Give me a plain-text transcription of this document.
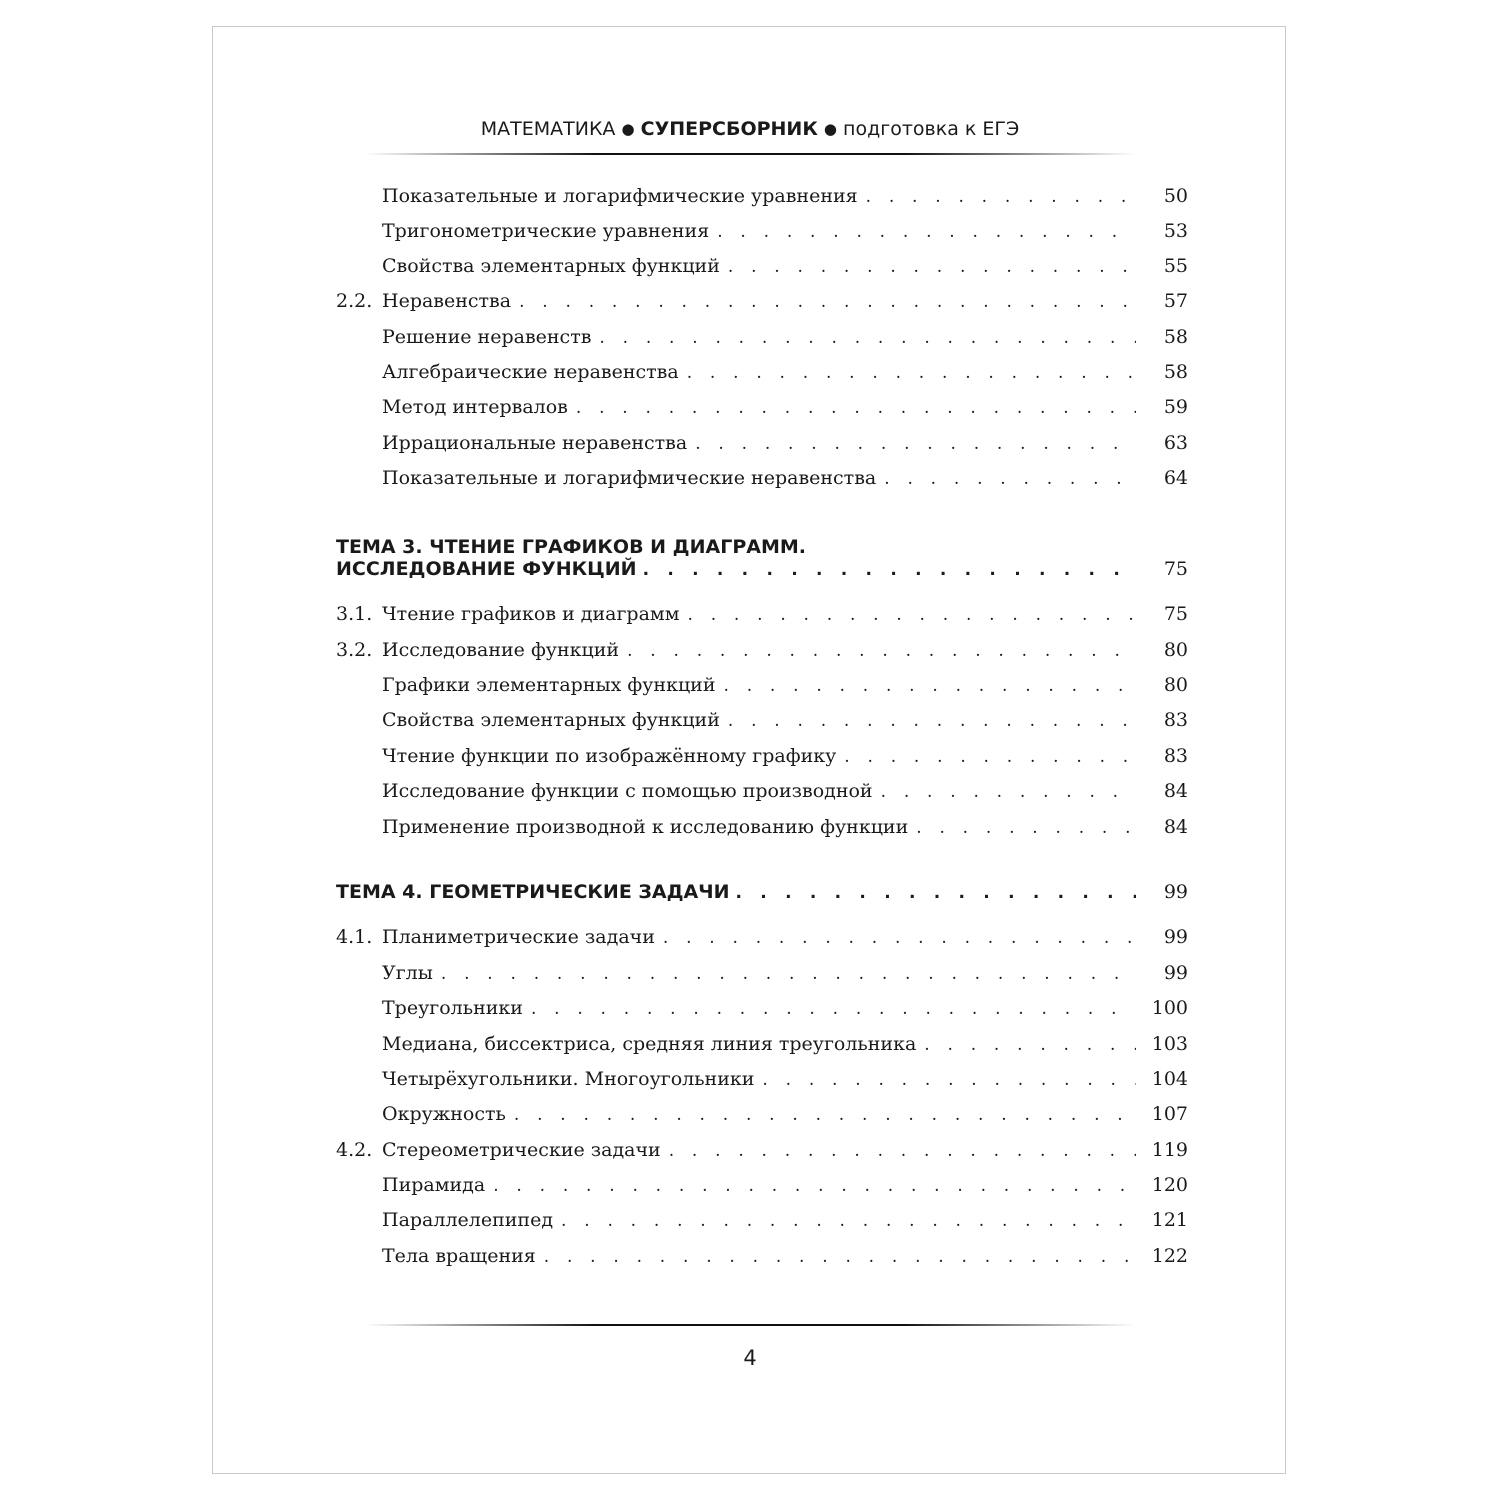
МАТЕМАТИКА ● СУПЕРСБОРНИК ● подготовка к ЕГЭ
Показательные и логарифмические уравнения . . .	50
Тригонометрические уравнения . . .	53
Свойства элементарных функций . . .	55
2.2. Неравенства . . .	57
Решение неравенств . . .	58
Алгебраические неравенства . . .	58
Метод интервалов . . .	59
Иррациональные неравенства . . .	63
Показательные и логарифмические неравенства . . .	64
ТЕМА 3. ЧТЕНИЕ ГРАФИКОВ И ДИАГРАММ.
ИССЛЕДОВАНИЕ ФУНКЦИЙ . . .	75
3.1. Чтение графиков и диаграмм . . .	75
3.2. Исследование функций . . .	80
Графики элементарных функций . . .	80
Свойства элементарных функций . . .	83
Чтение функции по изображённому графику . . .	83
Исследование функции с помощью производной . . .	84
Применение производной к исследованию функции . . .	84
ТЕМА 4. ГЕОМЕТРИЧЕСКИЕ ЗАДАЧИ . . .	99
4.1. Планиметрические задачи . . .	99
Углы . . .	99
Треугольники . . .	100
Медиана, биссектриса, средняя линия треугольника . . .	103
Четырёхугольники. Многоугольники . . .	104
Окружность . . .	107
4.2. Стереометрические задачи . . .	119
Пирамида . . .	120
Параллелепипед . . .	121
Тела вращения . . .	122
4
